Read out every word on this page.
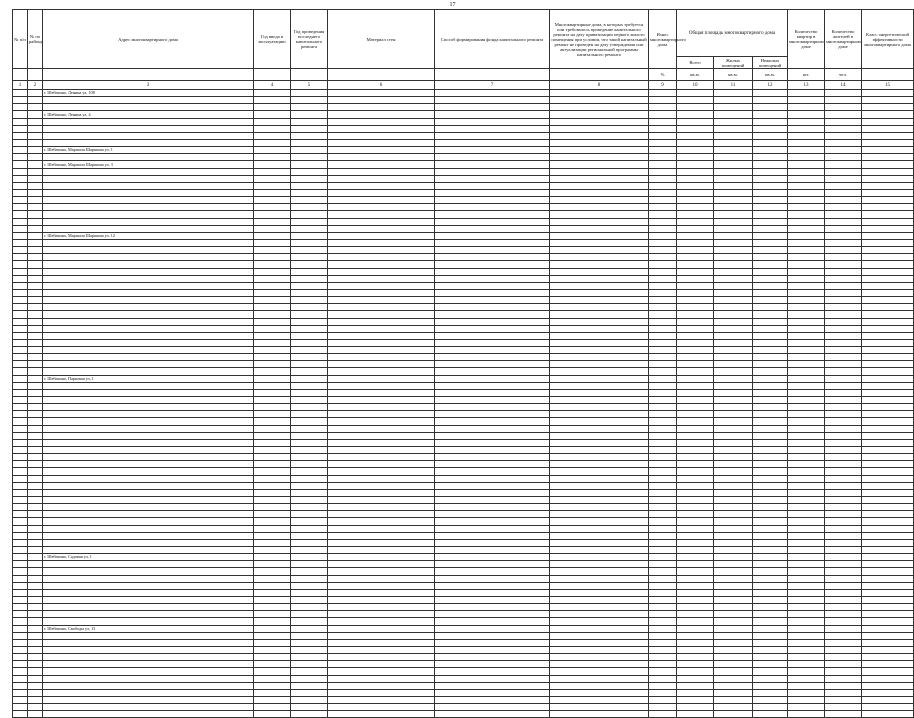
17
№ п/п	№ по району	Адрес многоквартирного дома	Год ввода в эксплуатацию	Год проведения последнего капитального ремонта	Материал стен	Способ формирования фонда капитального ремонта	Многоквартирные дома, в которых требуется или требовалось проведение капитального ремонта на дату приватизации первого жилого помещения при условии, что такой капитальный ремонт не проведен на дату утверждения или актуализации региональной программы капитального ремонта	Износ многоквартирного дома	Общая площадь многоквартирного дома			Количество квартир в многоквартирном доме	Количество жителей в многоквартирном доме	Класс энергетической эффективности многоквартирного дома
									Всего	Жилых помещений	Нежилых помещений			
								%	кв.м.	кв.м.	кв.м.	шт.	чел.	
1	2	3	4	5	6	7	8	9	10	11	12	13	14	15
		г. Шебекино, Ленина ул, 108												

		г. Шебекино, Ленина ул, 4												

		г. Шебекино, Маршала Шаршина ул, 1												

		г. Шебекино, Маршала Шаршина ул, 3												

		г. Шебекино, Маршала Шаршина ул, 12												

		г. Шебекино, Парковая ул, 1												

		г. Шебекино, Садовая ул, 1												

		г. Шебекино, Свободы ул, 13												
